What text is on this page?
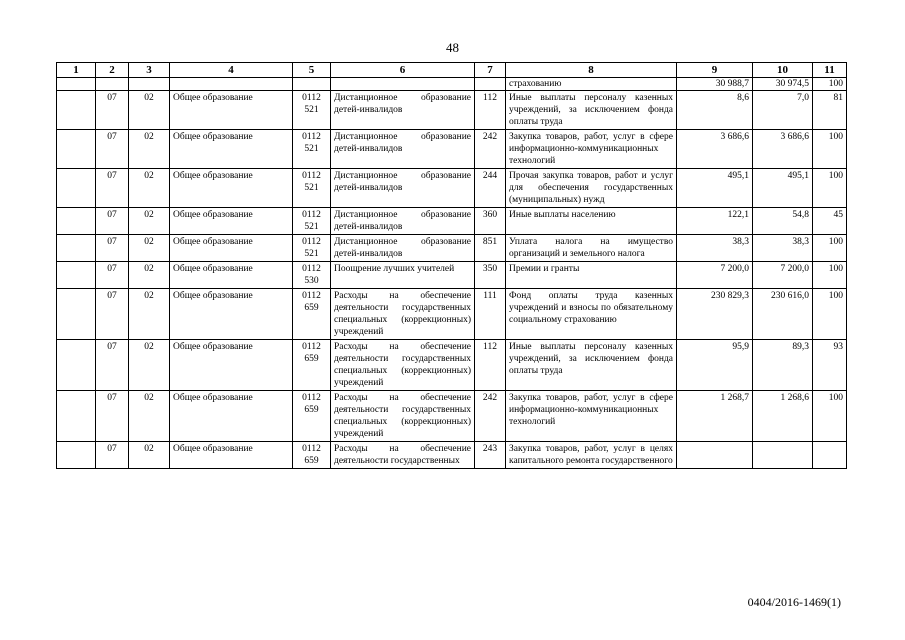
48
1	2	3	4	5	6	7	8	9	10	11
							страхованию	30 988,7	30 974,5	100
	07	02	Общее образование	0112 521	Дистанционное образование детей-инвалидов	112	Иные выплаты персоналу казенных учреждений, за исключением фонда оплаты труда	8,6	7,0	81
	07	02	Общее образование	0112 521	Дистанционное образование детей-инвалидов	242	Закупка товаров, работ, услуг в сфере информационно-коммуникационных технологий	3 686,6	3 686,6	100
	07	02	Общее образование	0112 521	Дистанционное образование детей-инвалидов	244	Прочая закупка товаров, работ и услуг для обеспечения государственных (муниципальных) нужд	495,1	495,1	100
	07	02	Общее образование	0112 521	Дистанционное образование детей-инвалидов	360	Иные выплаты населению	122,1	54,8	45
	07	02	Общее образование	0112 521	Дистанционное образование детей-инвалидов	851	Уплата налога на имущество организаций и земельного налога	38,3	38,3	100
	07	02	Общее образование	0112 530	Поощрение лучших учителей	350	Премии и гранты	7 200,0	7 200,0	100
	07	02	Общее образование	0112 659	Расходы на обеспечение деятельности государственных специальных (коррекционных) учреждений	111	Фонд оплаты труда казенных учреждений и взносы по обязательному социальному страхованию	230 829,3	230 616,0	100
	07	02	Общее образование	0112 659	Расходы на обеспечение деятельности государственных специальных (коррекционных) учреждений	112	Иные выплаты персоналу казенных учреждений, за исключением фонда оплаты труда	95,9	89,3	93
	07	02	Общее образование	0112 659	Расходы на обеспечение деятельности государственных специальных (коррекционных) учреждений	242	Закупка товаров, работ, услуг в сфере информационно-коммуникационных технологий	1 268,7	1 268,6	100
	07	02	Общее образование	0112 659	Расходы на обеспечение деятельности государственных	243	Закупка товаров, работ, услуг в целях капитального ремонта государственного			
0404/2016-1469(1)
